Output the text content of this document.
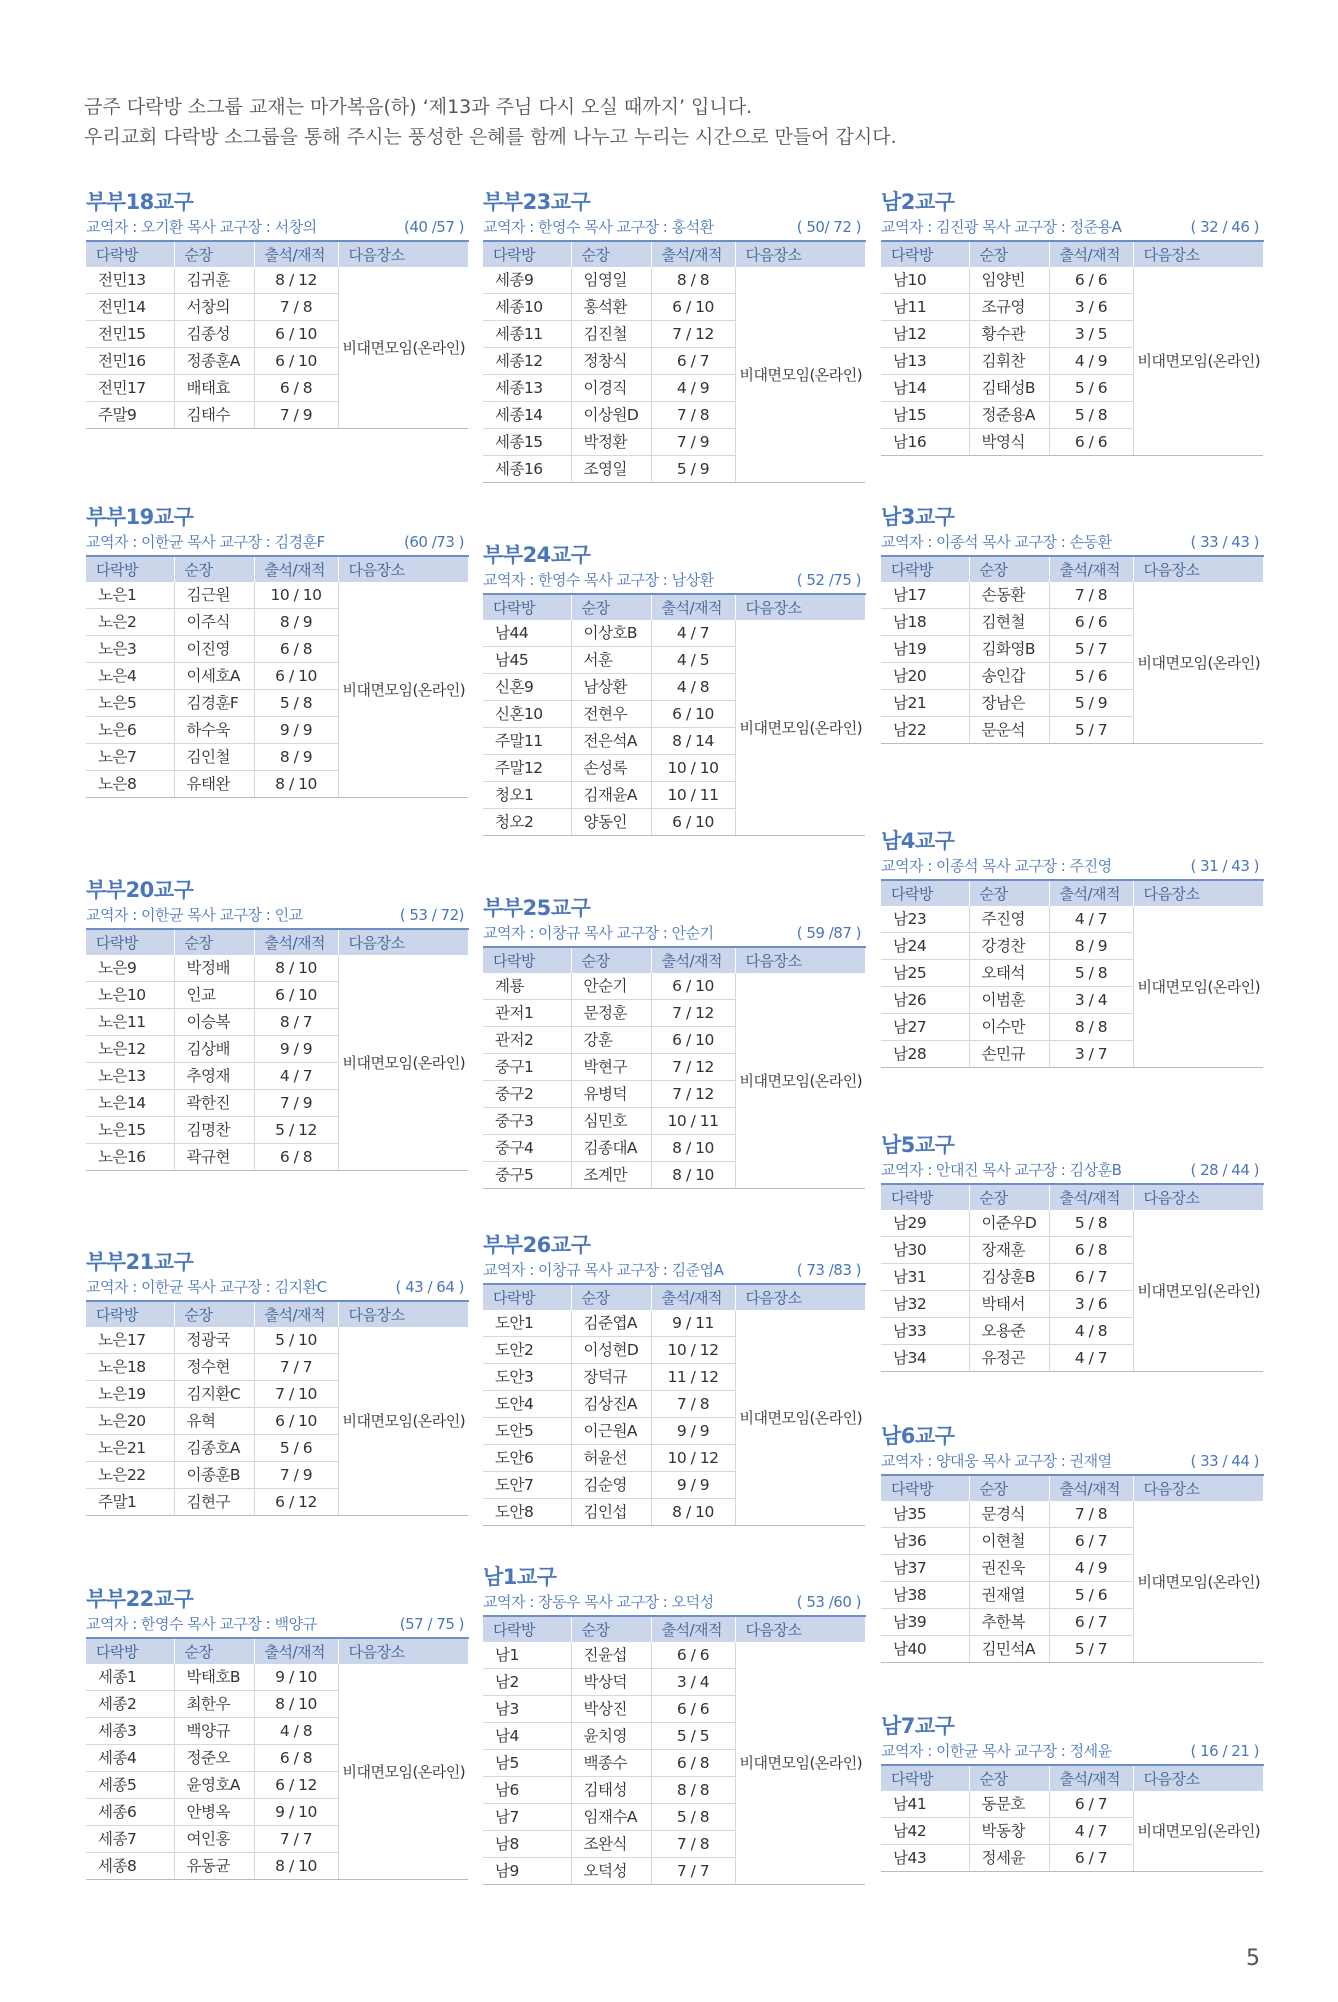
금주 다락방 소그룹 교재는 마가복음(하) ‘제13과 주님 다시 오실 때까지’ 입니다.
우리교회 다락방 소그룹을 통해 주시는 풍성한 은혜를 함께 나누고 누리는 시간으로 만들어 갑시다.
부부18교구
교역자 : 오기환 목사 교구장 : 서창의	(40 /57 )
다락방	순장	출석/재적	다음장소
전민13	김귀훈	8 / 12	비대면모임(온라인)
전민14	서창의	7 / 8	
전민15	김종성	6 / 10	
전민16	정종훈A	6 / 10	
전민17	배태효	6 / 8	
주말9	김태수	7 / 9	
부부19교구
교역자 : 이한균 목사 교구장 : 김경훈F	(60 /73 )
다락방	순장	출석/재적	다음장소
노은1	김근원	10 / 10	비대면모임(온라인)
노은2	이주식	8 / 9	
노은3	이진영	6 / 8	
노은4	이세호A	6 / 10	
노은5	김경훈F	5 / 8	
노은6	하수욱	9 / 9	
노은7	김인철	8 / 9	
노은8	유태완	8 / 10	
부부20교구
교역자 : 이한균 목사 교구장 : 인교	( 53 / 72)
다락방	순장	출석/재적	다음장소
노은9	박정배	8 / 10	비대면모임(온라인)
노은10	인교	6 / 10	
노은11	이승복	8 / 7	
노은12	김상배	9 / 9	
노은13	추영재	4 / 7	
노은14	곽한진	7 / 9	
노은15	김명찬	5 / 12	
노은16	곽규현	6 / 8	
부부21교구
교역자 : 이한균 목사 교구장 : 김지환C	( 43 / 64 )
다락방	순장	출석/재적	다음장소
노은17	정광국	5 / 10	비대면모임(온라인)
노은18	정수현	7 / 7	
노은19	김지환C	7 / 10	
노은20	유혁	6 / 10	
노은21	김종호A	5 / 6	
노은22	이종훈B	7 / 9	
주말1	김현구	6 / 12	
부부22교구
교역자 : 한영수 목사 교구장 : 백양규	(57 / 75 )
다락방	순장	출석/재적	다음장소
세종1	박태호B	9 / 10	비대면모임(온라인)
세종2	최한우	8 / 10	
세종3	백양규	4 / 8	
세종4	정준오	6 / 8	
세종5	윤영호A	6 / 12	
세종6	안병옥	9 / 10	
세종7	여인홍	7 / 7	
세종8	유동균	8 / 10	
부부23교구
교역자 : 한영수 목사 교구장 : 홍석환	( 50/ 72 )
다락방	순장	출석/재적	다음장소
세종9	임영일	8 / 8	비대면모임(온라인)
세종10	홍석환	6 / 10	
세종11	김진철	7 / 12	
세종12	정창식	6 / 7	
세종13	이경직	4 / 9	
세종14	이상원D	7 / 8	
세종15	박정환	7 / 9	
세종16	조영일	5 / 9	
부부24교구
교역자 : 한영수 목사 교구장 : 남상환	( 52 /75 )
다락방	순장	출석/재적	다음장소
남44	이상호B	4 / 7	비대면모임(온라인)
남45	서훈	4 / 5	
신혼9	남상환	4 / 8	
신혼10	전현우	6 / 10	
주말11	전은석A	8 / 14	
주말12	손성록	10 / 10	
청오1	김재윤A	10 / 11	
청오2	양동인	6 / 10	
부부25교구
교역자 : 이창규 목사 교구장 : 안순기	( 59 /87 )
다락방	순장	출석/재적	다음장소
계룡	안순기	6 / 10	비대면모임(온라인)
관저1	문정훈	7 / 12	
관저2	강훈	6 / 10	
중구1	박현구	7 / 12	
중구2	유병덕	7 / 12	
중구3	심민호	10 / 11	
중구4	김종대A	8 / 10	
중구5	조계만	8 / 10	
부부26교구
교역자 : 이창규 목사 교구장 : 김준엽A	( 73 /83 )
다락방	순장	출석/재적	다음장소
도안1	김준엽A	9 / 11	비대면모임(온라인)
도안2	이성현D	10 / 12	
도안3	장덕규	11 / 12	
도안4	김상진A	7 / 8	
도안5	이근원A	9 / 9	
도안6	허윤선	10 / 12	
도안7	김순영	9 / 9	
도안8	김인섭	8 / 10	
남1교구
교역자 : 장동우 목사 교구장 : 오덕성	( 53 /60 )
다락방	순장	출석/재적	다음장소
남1	진윤섭	6 / 6	비대면모임(온라인)
남2	박상덕	3 / 4	
남3	박상진	6 / 6	
남4	윤치영	5 / 5	
남5	백종수	6 / 8	
남6	김태성	8 / 8	
남7	임재수A	5 / 8	
남8	조완식	7 / 8	
남9	오덕성	7 / 7	
남2교구
교역자 : 김진광 목사 교구장 : 정준용A	( 32 / 46 )
다락방	순장	출석/재적	다음장소
남10	임양빈	6 / 6	비대면모임(온라인)
남11	조규영	3 / 6	
남12	황수관	3 / 5	
남13	김휘찬	4 / 9	
남14	김태성B	5 / 6	
남15	정준용A	5 / 8	
남16	박영식	6 / 6	
남3교구
교역자 : 이종석 목사 교구장 : 손동환	( 33 / 43 )
다락방	순장	출석/재적	다음장소
남17	손동환	7 / 8	비대면모임(온라인)
남18	김현철	6 / 6	
남19	김화영B	5 / 7	
남20	송인갑	5 / 6	
남21	장남은	5 / 9	
남22	문운석	5 / 7	
남4교구
교역자 : 이종석 목사 교구장 : 주진영	( 31 / 43 )
다락방	순장	출석/재적	다음장소
남23	주진영	4 / 7	비대면모임(온라인)
남24	강경찬	8 / 9	
남25	오태석	5 / 8	
남26	이범훈	3 / 4	
남27	이수만	8 / 8	
남28	손민규	3 / 7	
남5교구
교역자 : 안대진 목사 교구장 : 김상훈B	( 28 / 44 )
다락방	순장	출석/재적	다음장소
남29	이준우D	5 / 8	비대면모임(온라인)
남30	장재훈	6 / 8	
남31	김상훈B	6 / 7	
남32	박태서	3 / 6	
남33	오용준	4 / 8	
남34	유정곤	4 / 7	
남6교구
교역자 : 양대웅 목사 교구장 : 권재열	( 33 / 44 )
다락방	순장	출석/재적	다음장소
남35	문경식	7 / 8	비대면모임(온라인)
남36	이현철	6 / 7	
남37	권진욱	4 / 9	
남38	권재열	5 / 6	
남39	추한복	6 / 7	
남40	김민석A	5 / 7	
남7교구
교역자 : 이한균 목사 교구장 : 정세윤	( 16 / 21 )
다락방	순장	출석/재적	다음장소
남41	동문호	6 / 7	비대면모임(온라인)
남42	박동창	4 / 7	
남43	정세윤	6 / 7	
5
